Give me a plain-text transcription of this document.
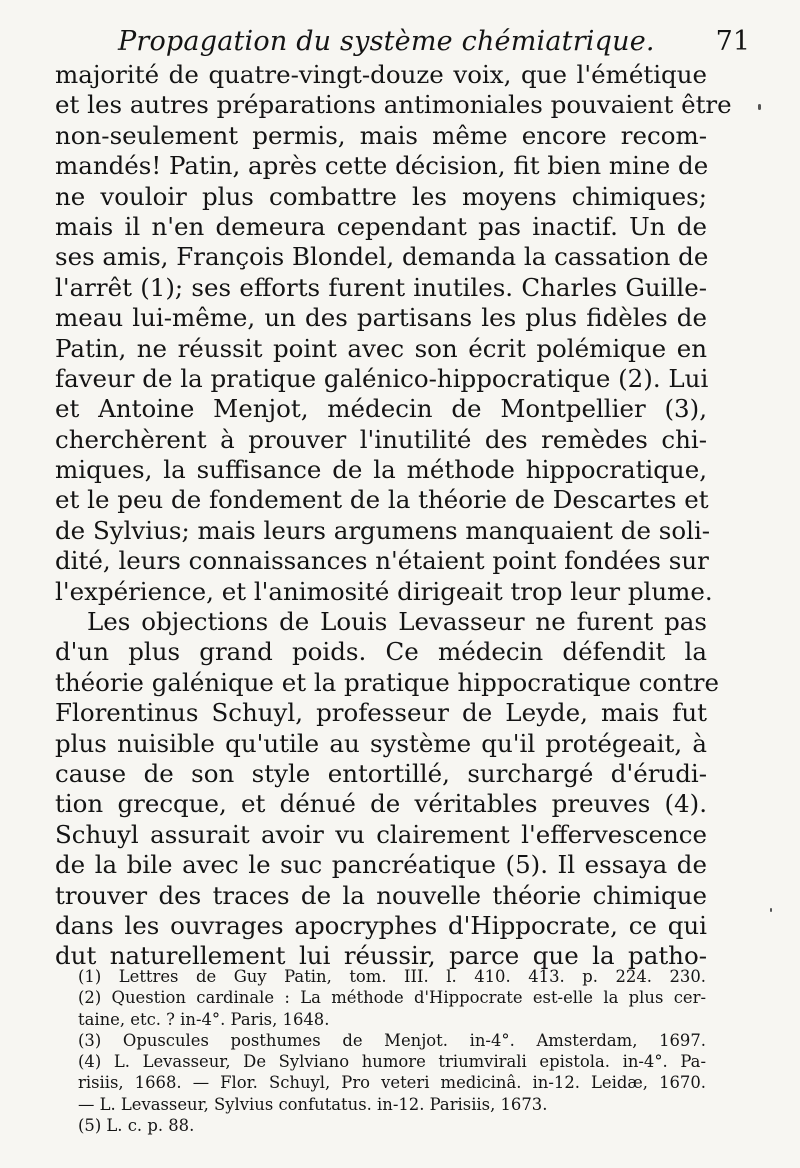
Propagation du système chémiatrique. 71
majorité de quatre-vingt-douze voix, que l'émétique
et les autres préparations antimoniales pouvaient être
non-seulement permis, mais même encore recom-
mandés! Patin, après cette décision, fit bien mine de
ne vouloir plus combattre les moyens chimiques;
mais il n'en demeura cependant pas inactif. Un de
ses amis, François Blondel, demanda la cassation de
l'arrêt (1); ses efforts furent inutiles. Charles Guille-
meau lui-même, un des partisans les plus fidèles de
Patin, ne réussit point avec son écrit polémique en
faveur de la pratique galénico-hippocratique (2). Lui
et Antoine Menjot, médecin de Montpellier (3),
cherchèrent à prouver l'inutilité des remèdes chi-
miques, la suffisance de la méthode hippocratique,
et le peu de fondement de la théorie de Descartes et
de Sylvius; mais leurs argumens manquaient de soli-
dité, leurs connaissances n'étaient point fondées sur
l'expérience, et l'animosité dirigeait trop leur plume.
Les objections de Louis Levasseur ne furent pas
d'un plus grand poids. Ce médecin défendit la
théorie galénique et la pratique hippocratique contre
Florentinus Schuyl, professeur de Leyde, mais fut
plus nuisible qu'utile au système qu'il protégeait, à
cause de son style entortillé, surchargé d'érudi-
tion grecque, et dénué de véritables preuves (4).
Schuyl assurait avoir vu clairement l'effervescence
de la bile avec le suc pancréatique (5). Il essaya de
trouver des traces de la nouvelle théorie chimique
dans les ouvrages apocryphes d'Hippocrate, ce qui
dut naturellement lui réussir, parce que la patho-
(1) Lettres de Guy Patin, tom. III. l. 410. 413. p. 224. 230.
(2) Question cardinale : La méthode d'Hippocrate est-elle la plus cer-
taine, etc. ? in-4°. Paris, 1648.
(3) Opuscules posthumes de Menjot. in-4°. Amsterdam, 1697.
(4) L. Levasseur, De Sylviano humore triumvirali epistola. in-4°. Pa-
risiis, 1668. — Flor. Schuyl, Pro veteri medicinâ. in-12. Leidæ, 1670.
— L. Levasseur, Sylvius confutatus. in-12. Parisiis, 1673.
(5) L. c. p. 88.
